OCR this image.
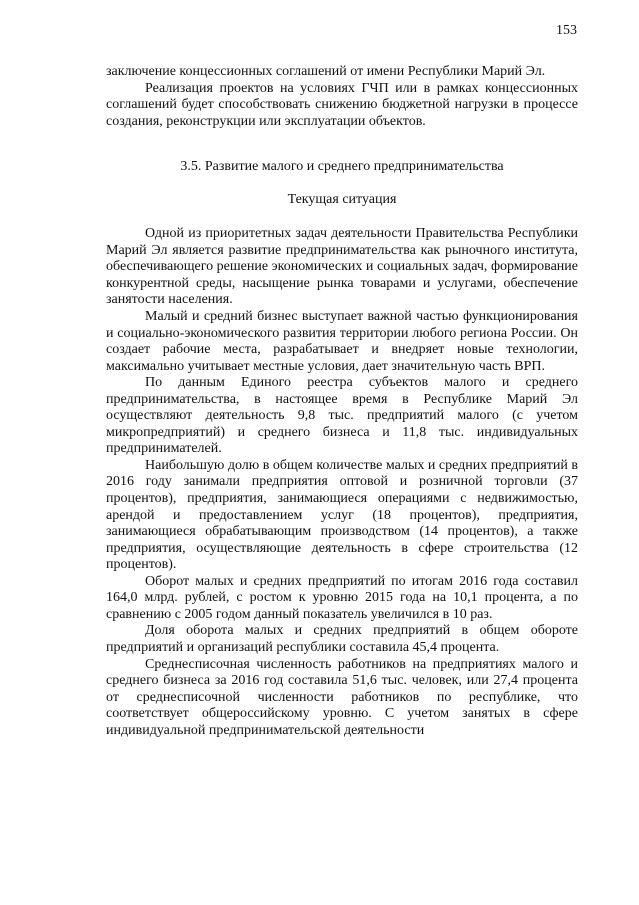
153

заключение концессионных соглашений от имени Республики Марий Эл.

Реализация проектов на условиях ГЧП или в рамках концессионных соглашений будет способствовать снижению бюджетной нагрузки в процессе создания, реконструкции или эксплуатации объектов.

3.5. Развитие малого и среднего предпринимательства
Текущая ситуация

Одной из приоритетных задач деятельности Правительства Республики Марий Эл является развитие предпринимательства как рыночного института, обеспечивающего решение экономических и социальных задач, формирование конкурентной среды, насыщение рынка товарами и услугами, обеспечение занятости населения.

Малый и средний бизнес выступает важной частью функционирования и социально-экономического развития территории любого региона России. Он создает рабочие места, разрабатывает и внедряет новые технологии, максимально учитывает местные условия, дает значительную часть ВРП.

По данным Единого реестра субъектов малого и среднего предпринимательства, в настоящее время в Республике Марий Эл осуществляют деятельность 9,8 тыс. предприятий малого (с учетом микропредприятий) и среднего бизнеса и 11,8 тыс. индивидуальных предпринимателей.

Наибольшую долю в общем количестве малых и средних предприятий в 2016 году занимали предприятия оптовой и розничной торговли (37 процентов), предприятия, занимающиеся операциями с недвижимостью, арендой и предоставлением услуг (18 процентов), предприятия, занимающиеся обрабатывающим производством (14 процентов), а также предприятия, осуществляющие деятельность в сфере строительства (12 процентов).

Оборот малых и средних предприятий по итогам 2016 года составил 164,0 млрд. рублей, с ростом к уровню 2015 года на 10,1 процента, а по сравнению с 2005 годом данный показатель увеличился в 10 раз.

Доля оборота малых и средних предприятий в общем обороте предприятий и организаций республики составила 45,4 процента.

Среднесписочная численность работников на предприятиях малого и среднего бизнеса за 2016 год составила 51,6 тыс. человек, или 27,4 процента от среднесписочной численности работников по республике, что соответствует общероссийскому уровню. С учетом занятых в сфере индивидуальной предпринимательской деятельности
